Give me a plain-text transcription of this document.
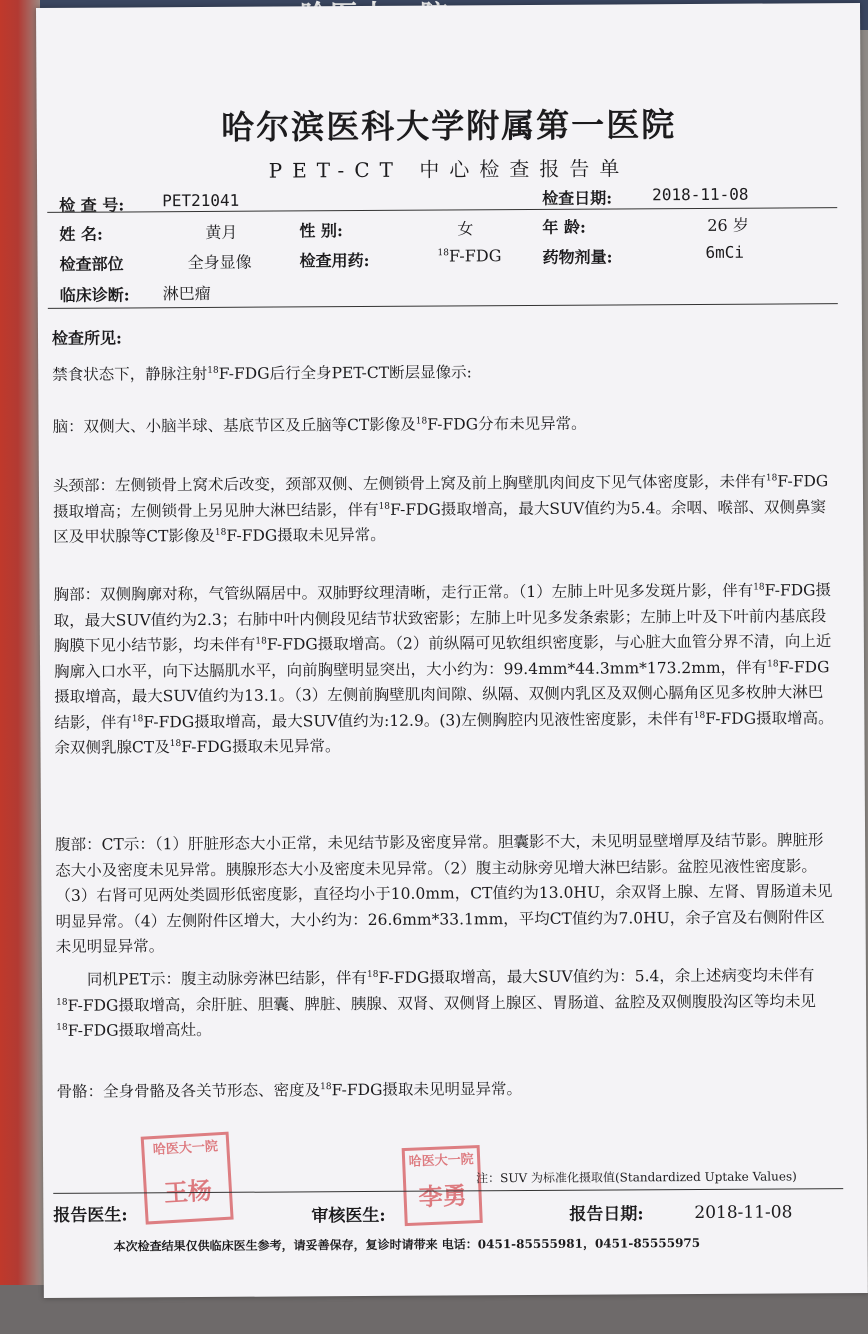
哈尔滨医科大学附属第一医院
PET-CT 中心检查报告单
检 查 号: PET21041	检查日期: 2018-11-08
姓 名:	黄月	性 别:	女	年 龄:	26 岁
检查部位	全身显像	检查用药:	$^{18}$F-FDG	药物剂量:	6mCi
临床诊断: 淋巴瘤
检查所见:
禁食状态下，静脉注射$^{18}$F-FDG后行全身PET-CT断层显像示:
脑：双侧大、小脑半球、基底节区及丘脑等CT影像及$^{18}$F-FDG分布未见异常。
头颈部：左侧锁骨上窝术后改变，颈部双侧、左侧锁骨上窝及前上胸壁肌肉间皮下见气体密度影，未伴有$^{18}$F-FDG摄取增高；左侧锁骨上另见肿大淋巴结影，伴有$^{18}$F-FDG摄取增高，最大SUV值约为5.4。余咽、喉部、双侧鼻窦区及甲状腺等CT影像及$^{18}$F-FDG摄取未见异常。
胸部：双侧胸廓对称，气管纵隔居中。双肺野纹理清晰，走行正常。（1）左肺上叶见多发斑片影，伴有$^{18}$F-FDG摄取，最大SUV值约为2.3；右肺中叶内侧段见结节状致密影；左肺上叶见多发条索影；左肺上叶及下叶前内基底段胸膜下见小结节影，均未伴有$^{18}$F-FDG摄取增高。（2）前纵隔可见软组织密度影，与心脏大血管分界不清，向上近胸廓入口水平，向下达膈肌水平，向前胸壁明显突出，大小约为：99.4mm*44.3mm*173.2mm，伴有$^{18}$F-FDG摄取增高，最大SUV值约为13.1。（3）左侧前胸壁肌肉间隙、纵隔、双侧内乳区及双侧心膈角区见多枚肿大淋巴结影，伴有$^{18}$F-FDG摄取增高，最大SUV值约为:12.9。(3)左侧胸腔内见液性密度影，未伴有$^{18}$F-FDG摄取增高。余双侧乳腺CT及$^{18}$F-FDG摄取未见异常。
腹部：CT示：（1）肝脏形态大小正常，未见结节影及密度异常。胆囊影不大，未见明显壁增厚及结节影。脾脏形态大小及密度未见异常。胰腺形态大小及密度未见异常。（2）腹主动脉旁见增大淋巴结影。盆腔见液性密度影。（3）右肾可见两处类圆形低密度影，直径均小于10.0mm，CT值约为13.0HU，余双肾上腺、左肾、胃肠道未见明显异常。（4）左侧附件区增大，大小约为：26.6mm*33.1mm，平均CT值约为7.0HU，余子宫及右侧附件区未见明显异常。
同机PET示：腹主动脉旁淋巴结影，伴有$^{18}$F-FDG摄取增高，最大SUV值约为：5.4，余上述病变均未伴有$^{18}$F-FDG摄取增高，余肝脏、胆囊、脾脏、胰腺、双肾、双侧肾上腺区、胃肠道、盆腔及双侧腹股沟区等均未见$^{18}$F-FDG摄取增高灶。
骨骼：全身骨骼及各关节形态、密度及$^{18}$F-FDG摄取未见明显异常。
哈医大一院
王杨
哈医大一院
李勇
注：SUV 为标准化摄取值(Standardized Uptake Values)
报告医生:	审核医生:	报告日期:	2018-11-08
本次检查结果仅供临床医生参考，请妥善保存，复诊时请带来 电话：0451-85555981，0451-85555975
